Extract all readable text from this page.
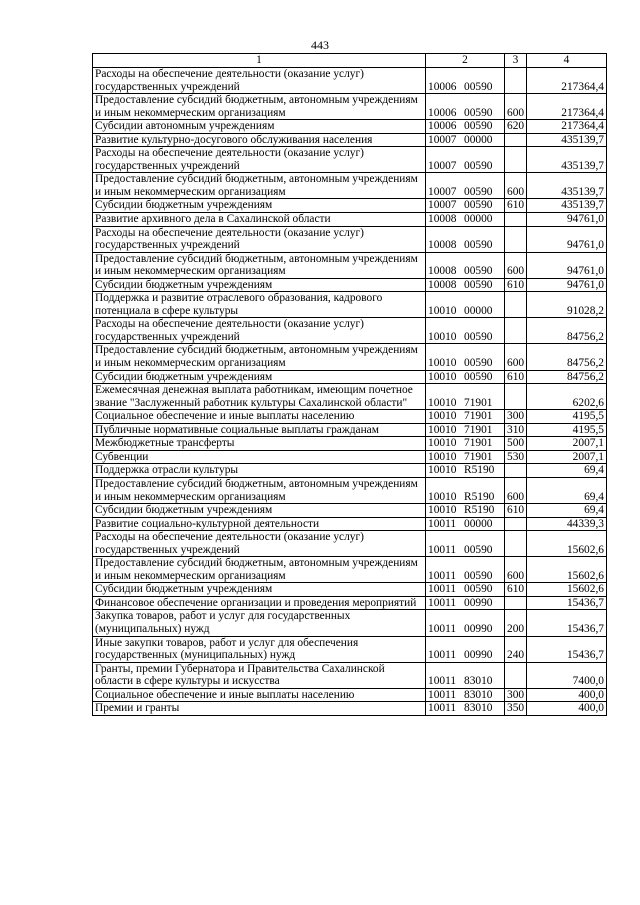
443
1	2	3	4
Расходы на обеспечение деятельности (оказание услуг) государственных учреждений	10006 00590		217364,4
Предоставление субсидий бюджетным, автономным учреждениям и иным некоммерческим организациям	10006 00590	600	217364,4
Субсидии автономным учреждениям	10006 00590	620	217364,4
Развитие культурно-досугового обслуживания населения	10007 00000		435139,7
Расходы на обеспечение деятельности (оказание услуг) государственных учреждений	10007 00590		435139,7
Предоставление субсидий бюджетным, автономным учреждениям и иным некоммерческим организациям	10007 00590	600	435139,7
Субсидии бюджетным учреждениям	10007 00590	610	435139,7
Развитие архивного дела в Сахалинской области	10008 00000		94761,0
Расходы на обеспечение деятельности (оказание услуг) государственных учреждений	10008 00590		94761,0
Предоставление субсидий бюджетным, автономным учреждениям и иным некоммерческим организациям	10008 00590	600	94761,0
Субсидии бюджетным учреждениям	10008 00590	610	94761,0
Поддержка и развитие отраслевого образования, кадрового потенциала в сфере культуры	10010 00000		91028,2
Расходы на обеспечение деятельности (оказание услуг) государственных учреждений	10010 00590		84756,2
Предоставление субсидий бюджетным, автономным учреждениям и иным некоммерческим организациям	10010 00590	600	84756,2
Субсидии бюджетным учреждениям	10010 00590	610	84756,2
Ежемесячная денежная выплата работникам, имеющим почетное звание "Заслуженный работник культуры Сахалинской области"	10010 71901		6202,6
Социальное обеспечение и иные выплаты населению	10010 71901	300	4195,5
Публичные нормативные социальные выплаты гражданам	10010 71901	310	4195,5
Межбюджетные трансферты	10010 71901	500	2007,1
Субвенции	10010 71901	530	2007,1
Поддержка отрасли культуры	10010 R5190		69,4
Предоставление субсидий бюджетным, автономным учреждениям и иным некоммерческим организациям	10010 R5190	600	69,4
Субсидии бюджетным учреждениям	10010 R5190	610	69,4
Развитие социально-культурной деятельности	10011 00000		44339,3
Расходы на обеспечение деятельности (оказание услуг) государственных учреждений	10011 00590		15602,6
Предоставление субсидий бюджетным, автономным учреждениям и иным некоммерческим организациям	10011 00590	600	15602,6
Субсидии бюджетным учреждениям	10011 00590	610	15602,6
Финансовое обеспечение организации и проведения мероприятий	10011 00990		15436,7
Закупка товаров, работ и услуг для государственных (муниципальных) нужд	10011 00990	200	15436,7
Иные закупки товаров, работ и услуг для обеспечения государственных (муниципальных) нужд	10011 00990	240	15436,7
Гранты, премии Губернатора и Правительства Сахалинской области в сфере культуры и искусства	10011 83010		7400,0
Социальное обеспечение и иные выплаты населению	10011 83010	300	400,0
Премии и гранты	10011 83010	350	400,0
